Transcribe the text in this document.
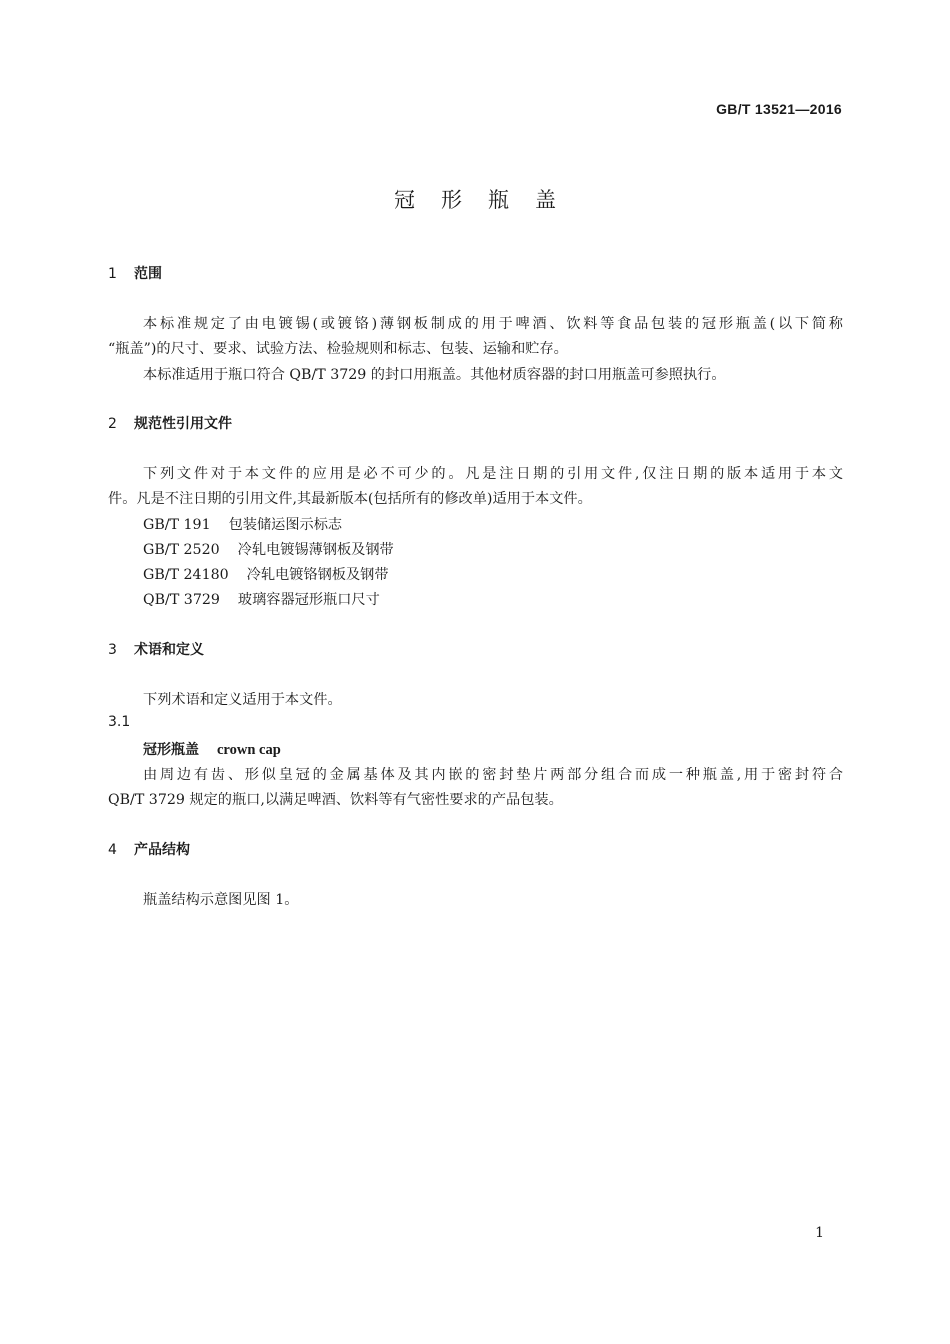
GB/T 13521—2016
冠形瓶盖
1 范围
本标准规定了由电镀锡(或镀铬)薄钢板制成的用于啤酒、饮料等食品包装的冠形瓶盖(以下简称
“瓶盖”)的尺寸、要求、试验方法、检验规则和标志、包装、运输和贮存。
本标准适用于瓶口符合 QB/T 3729 的封口用瓶盖。其他材质容器的封口用瓶盖可参照执行。
2 规范性引用文件
下列文件对于本文件的应用是必不可少的。凡是注日期的引用文件,仅注日期的版本适用于本文
件。凡是不注日期的引用文件,其最新版本(包括所有的修改单)适用于本文件。
GB/T 191 包装储运图示标志
GB/T 2520 冷轧电镀锡薄钢板及钢带
GB/T 24180 冷轧电镀铬钢板及钢带
QB/T 3729 玻璃容器冠形瓶口尺寸
3 术语和定义
下列术语和定义适用于本文件。
3.1
冠形瓶盖 crown cap
由周边有齿、形似皇冠的金属基体及其内嵌的密封垫片两部分组合而成一种瓶盖,用于密封符合
QB/T 3729 规定的瓶口,以满足啤酒、饮料等有气密性要求的产品包装。
4 产品结构
瓶盖结构示意图见图 1。
1
